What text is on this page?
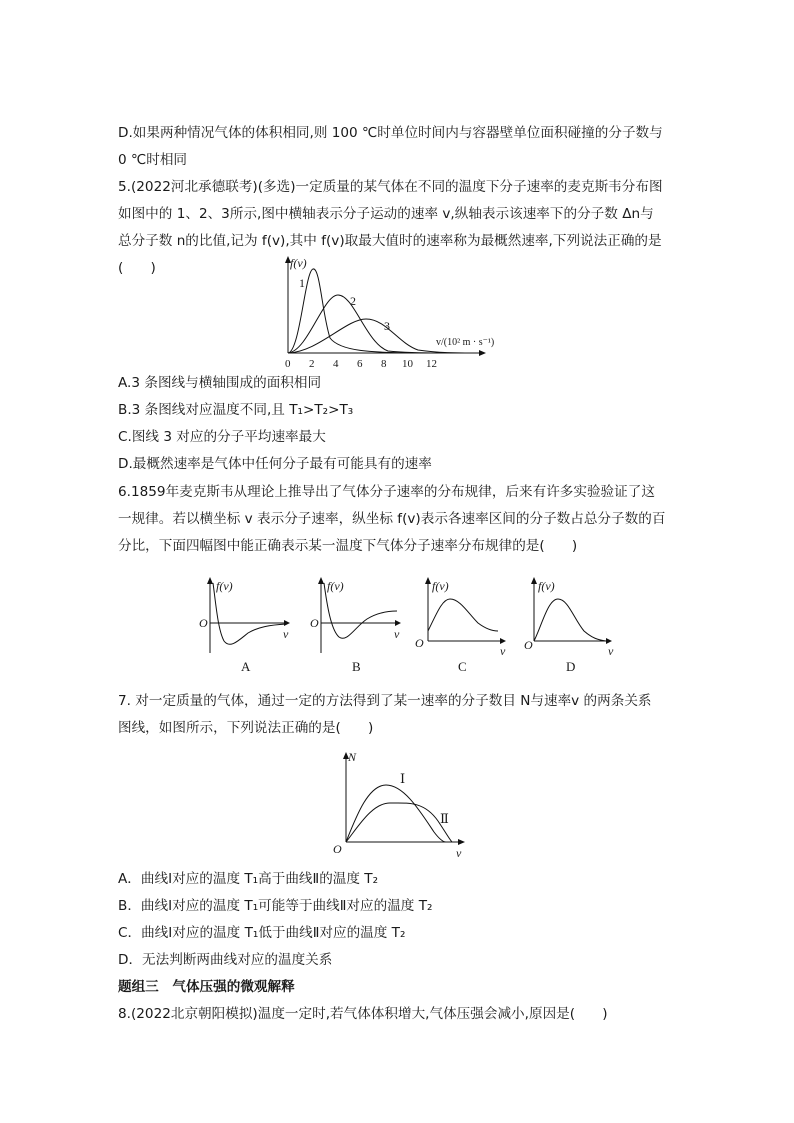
D.如果两种情况气体的体积相同,则 100 ℃时单位时间内与容器壁单位面积碰撞的分子数与
0 ℃时相同
5.(2022河北承德联考)(多选)一定质量的某气体在不同的温度下分子速率的麦克斯韦分布图
如图中的 1、2、3所示,图中横轴表示分子运动的速率 v,纵轴表示该速率下的分子数 Δn与
总分子数 n的比值,记为 f(v),其中 f(v)取最大值时的速率称为最概然速率,下列说法正确的是
(　　)	f(v)
v/(10² m · s⁻¹)
0 2 4 6 8 10 12
1
2
3
A.3 条图线与横轴围成的面积相同
B.3 条图线对应温度不同,且 T₁>T₂>T₃
C.图线 3 对应的分子平均速率最大
D.最概然速率是气体中任何分子最有可能具有的速率
6.1859年麦克斯韦从理论上推导出了气体分子速率的分布规律，后来有许多实验验证了这
一规律。若以横坐标 v 表示分子速率，纵坐标 f(v)表示各速率区间的分子数占总分子数的百
分比，下面四幅图中能正确表示某一温度下气体分子速率分布规律的是(　　)
f(v)
O
v
A
f(v)
O
v
B
f(v)
O
v
C
f(v)
O	v
D
7. 对一定质量的气体，通过一定的方法得到了某一速率的分子数目 N与速率v 的两条关系
图线，如图所示，下列说法正确的是(　　)
N
O	v
Ⅰ
Ⅱ
A．曲线Ⅰ对应的温度 T₁高于曲线Ⅱ的温度 T₂
B．曲线Ⅰ对应的温度 T₁可能等于曲线Ⅱ对应的温度 T₂
C．曲线Ⅰ对应的温度 T₁低于曲线Ⅱ对应的温度 T₂
D．无法判断两曲线对应的温度关系
题组三　气体压强的微观解释
8.(2022北京朝阳模拟)温度一定时,若气体体积增大,气体压强会减小,原因是(　　)
